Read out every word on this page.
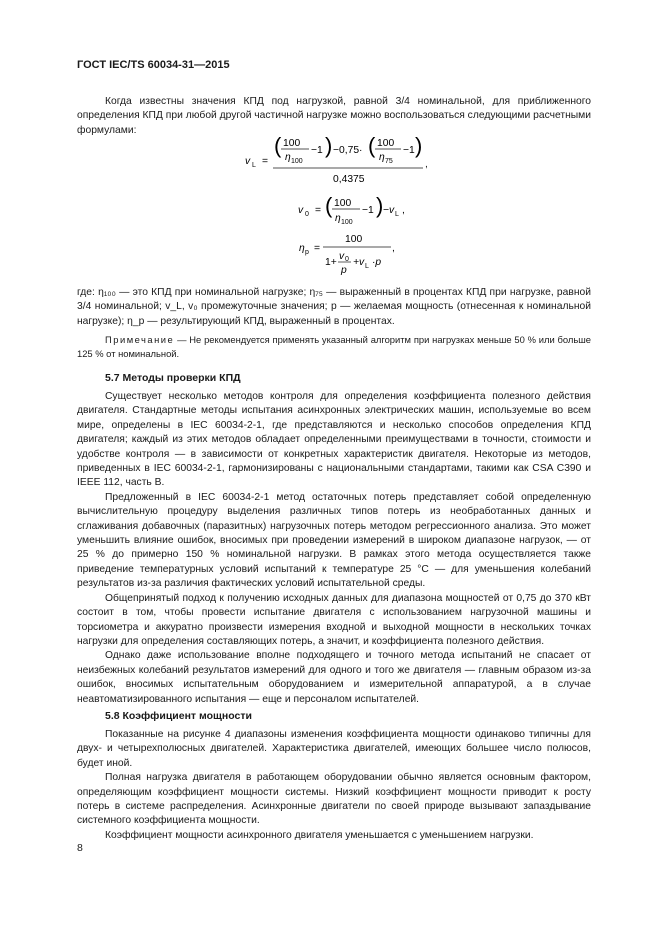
ГОСТ IEC/TS 60034-31—2015
Когда известны значения КПД под нагрузкой, равной 3/4 номинальной, для приближенного определения КПД при любой другой частичной нагрузке можно воспользоваться следующими расчетными формулами:
v L =
( 100
η 100
−1 ) −0,75· ( 100
η 75
−1 )
0,4375
,
v 0 = ( 100
η 100
−1 ) −v L ,
η p =
100
1+
v 0
p
+v L ·p
,
где: η₁₀₀ — это КПД при номинальной нагрузке; η₇₅ — выраженный в процентах КПД при нагрузке, равной 3/4 номинальной; v_L, v₀ промежуточные значения; p — желаемая мощность (отнесенная к номинальной нагрузке); η_p — результирующий КПД, выраженный в процентах.
Примечание — Не рекомендуется применять указанный алгоритм при нагрузках меньше 50 % или больше 125 % от номинальной.
5.7 Методы проверки КПД

Существует несколько методов контроля для определения коэффициента полезного действия двигателя. Стандартные методы испытания асинхронных электрических машин, используемые во всем мире, определены в IEC 60034-2-1, где представляются и несколько способов определения КПД двигателя; каждый из этих методов обладает определенными преимуществами в точности, стоимости и удобстве контроля — в зависимости от конкретных характеристик двигателя. Некоторые из методов, приведенных в IEC 60034-2-1, гармонизированы с национальными стандартами, такими как CSA C390 и IEEE 112, часть B.

Предложенный в IEC 60034-2-1 метод остаточных потерь представляет собой определенную вычислительную процедуру выделения различных типов потерь из необработанных данных и сглаживания добавочных (паразитных) нагрузочных потерь методом регрессионного анализа. Это может уменьшить влияние ошибок, вносимых при проведении измерений в широком диапазоне нагрузок, — от 25 % до примерно 150 % номинальной нагрузки. В рамках этого метода осуществляется также приведение температурных условий испытаний к температуре 25 °C — для уменьшения колебаний результатов из-за различия фактических условий испытательной среды.

Общепринятый подход к получению исходных данных для диапазона мощностей от 0,75 до 370 кВт состоит в том, чтобы провести испытание двигателя с использованием нагрузочной машины и торсиометра и аккуратно произвести измерения входной и выходной мощности в нескольких точках нагрузки для определения составляющих потерь, а значит, и коэффициента полезного действия.

Однако даже использование вполне подходящего и точного метода испытаний не спасает от неизбежных колебаний результатов измерений для одного и того же двигателя — главным образом из-за ошибок, вносимых испытательным оборудованием и измерительной аппаратурой, а в случае неавтоматизированного испытания — еще и персоналом испытателей.

5.8 Коэффициент мощности

Показанные на рисунке 4 диапазоны изменения коэффициента мощности одинаково типичны для двух- и четырехполюсных двигателей. Характеристика двигателей, имеющих большее число полюсов, будет иной.

Полная нагрузка двигателя в работающем оборудовании обычно является основным фактором, определяющим коэффициент мощности системы. Низкий коэффициент мощности приводит к росту потерь в системе распределения. Асинхронные двигатели по своей природе вызывают запаздывание системного коэффициента мощности.

Коэффициент мощности асинхронного двигателя уменьшается с уменьшением нагрузки.

8
